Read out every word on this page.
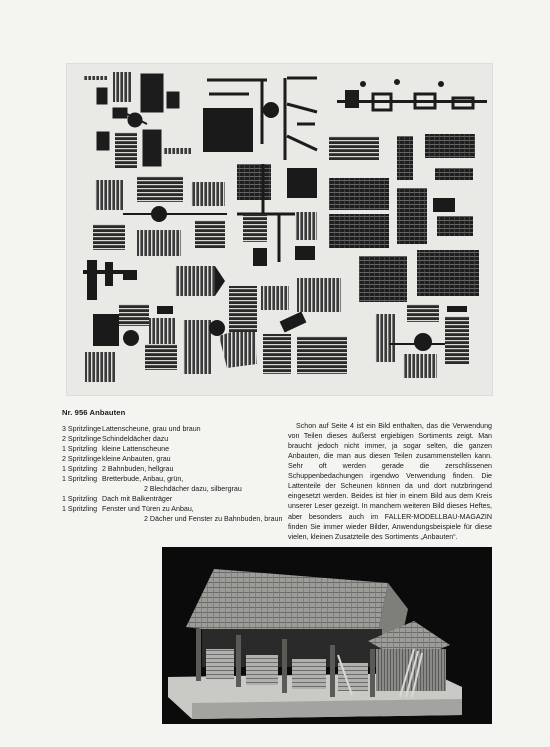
Nr. 956 Anbauten
3 Spritzlinge Lattenscheune, grau und braun
2 Spritzlinge Schindeldächer dazu
1 Spritzling kleine Lattenscheune
2 Spritzlinge kleine Anbauten, grau
1 Spritzling 2 Bahnbuden, hellgrau
1 Spritzling Bretterbude, Anbau, grün,
2 Blechdächer dazu, silbergrau
1 Spritzling Dach mit Balkenträger
1 Spritzling Fenster und Türen zu Anbau,
2 Dächer und Fenster zu Bahnbuden, braun

Schon auf Seite 4 ist ein Bild enthalten, das die Verwendung von Teilen dieses äußerst ergiebigen Sortiments zeigt. Man braucht jedoch nicht immer, ja sogar selten, die ganzen Anbauten, die man aus diesen Teilen zusammenstellen kann. Sehr oft werden gerade die zerschlissenen Schuppenbedachungen irgendwo Verwendung finden. Die Lattenteile der Scheunen können da und dort nutzbringend eingesetzt werden. Beides ist hier in einem Bild aus dem Kreis unserer Leser gezeigt. In manchem weiteren Bild dieses Heftes, aber besonders auch im FALLER-MODELLBAU-MAGAZIN finden Sie immer wieder Bilder, Anwendungsbeispiele für diese vielen, kleinen Zusatzteile des Sortiments „Anbauten“.
